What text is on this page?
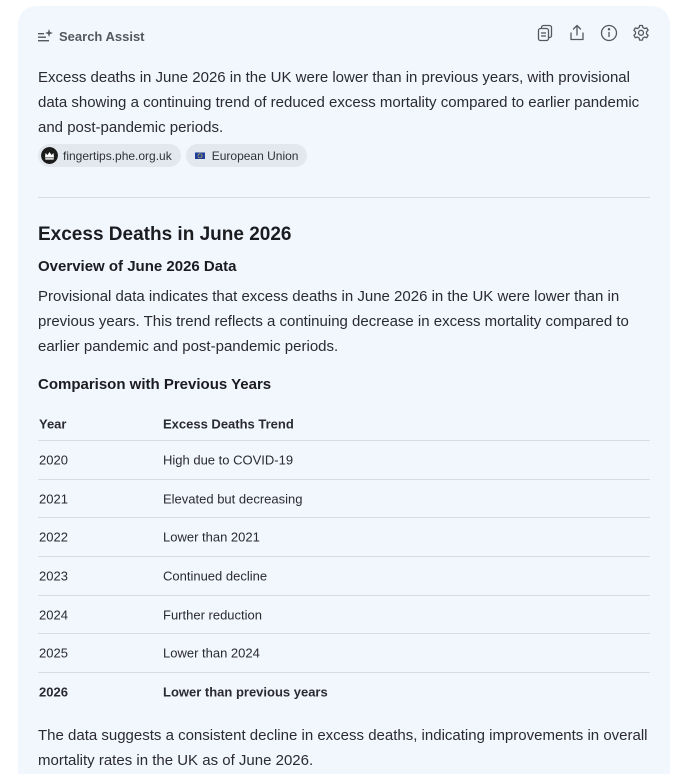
Search Assist
Excess deaths in June 2026 in the UK were lower than in previous years, with provisional data showing a continuing trend of reduced excess mortality compared to earlier pandemic and post-pandemic periods.
fingertips.phe.org.uk	European Union
Excess Deaths in June 2026
Overview of June 2026 Data
Provisional data indicates that excess deaths in June 2026 in the UK were lower than in previous years. This trend reflects a continuing decrease in excess mortality compared to earlier pandemic and post-pandemic periods.
Comparison with Previous Years
Year	Excess Deaths Trend
2020	High due to COVID-19
2021	Elevated but decreasing
2022	Lower than 2021
2023	Continued decline
2024	Further reduction
2025	Lower than 2024
2026	Lower than previous years
The data suggests a consistent decline in excess deaths, indicating improvements in overall mortality rates in the UK as of June 2026.
